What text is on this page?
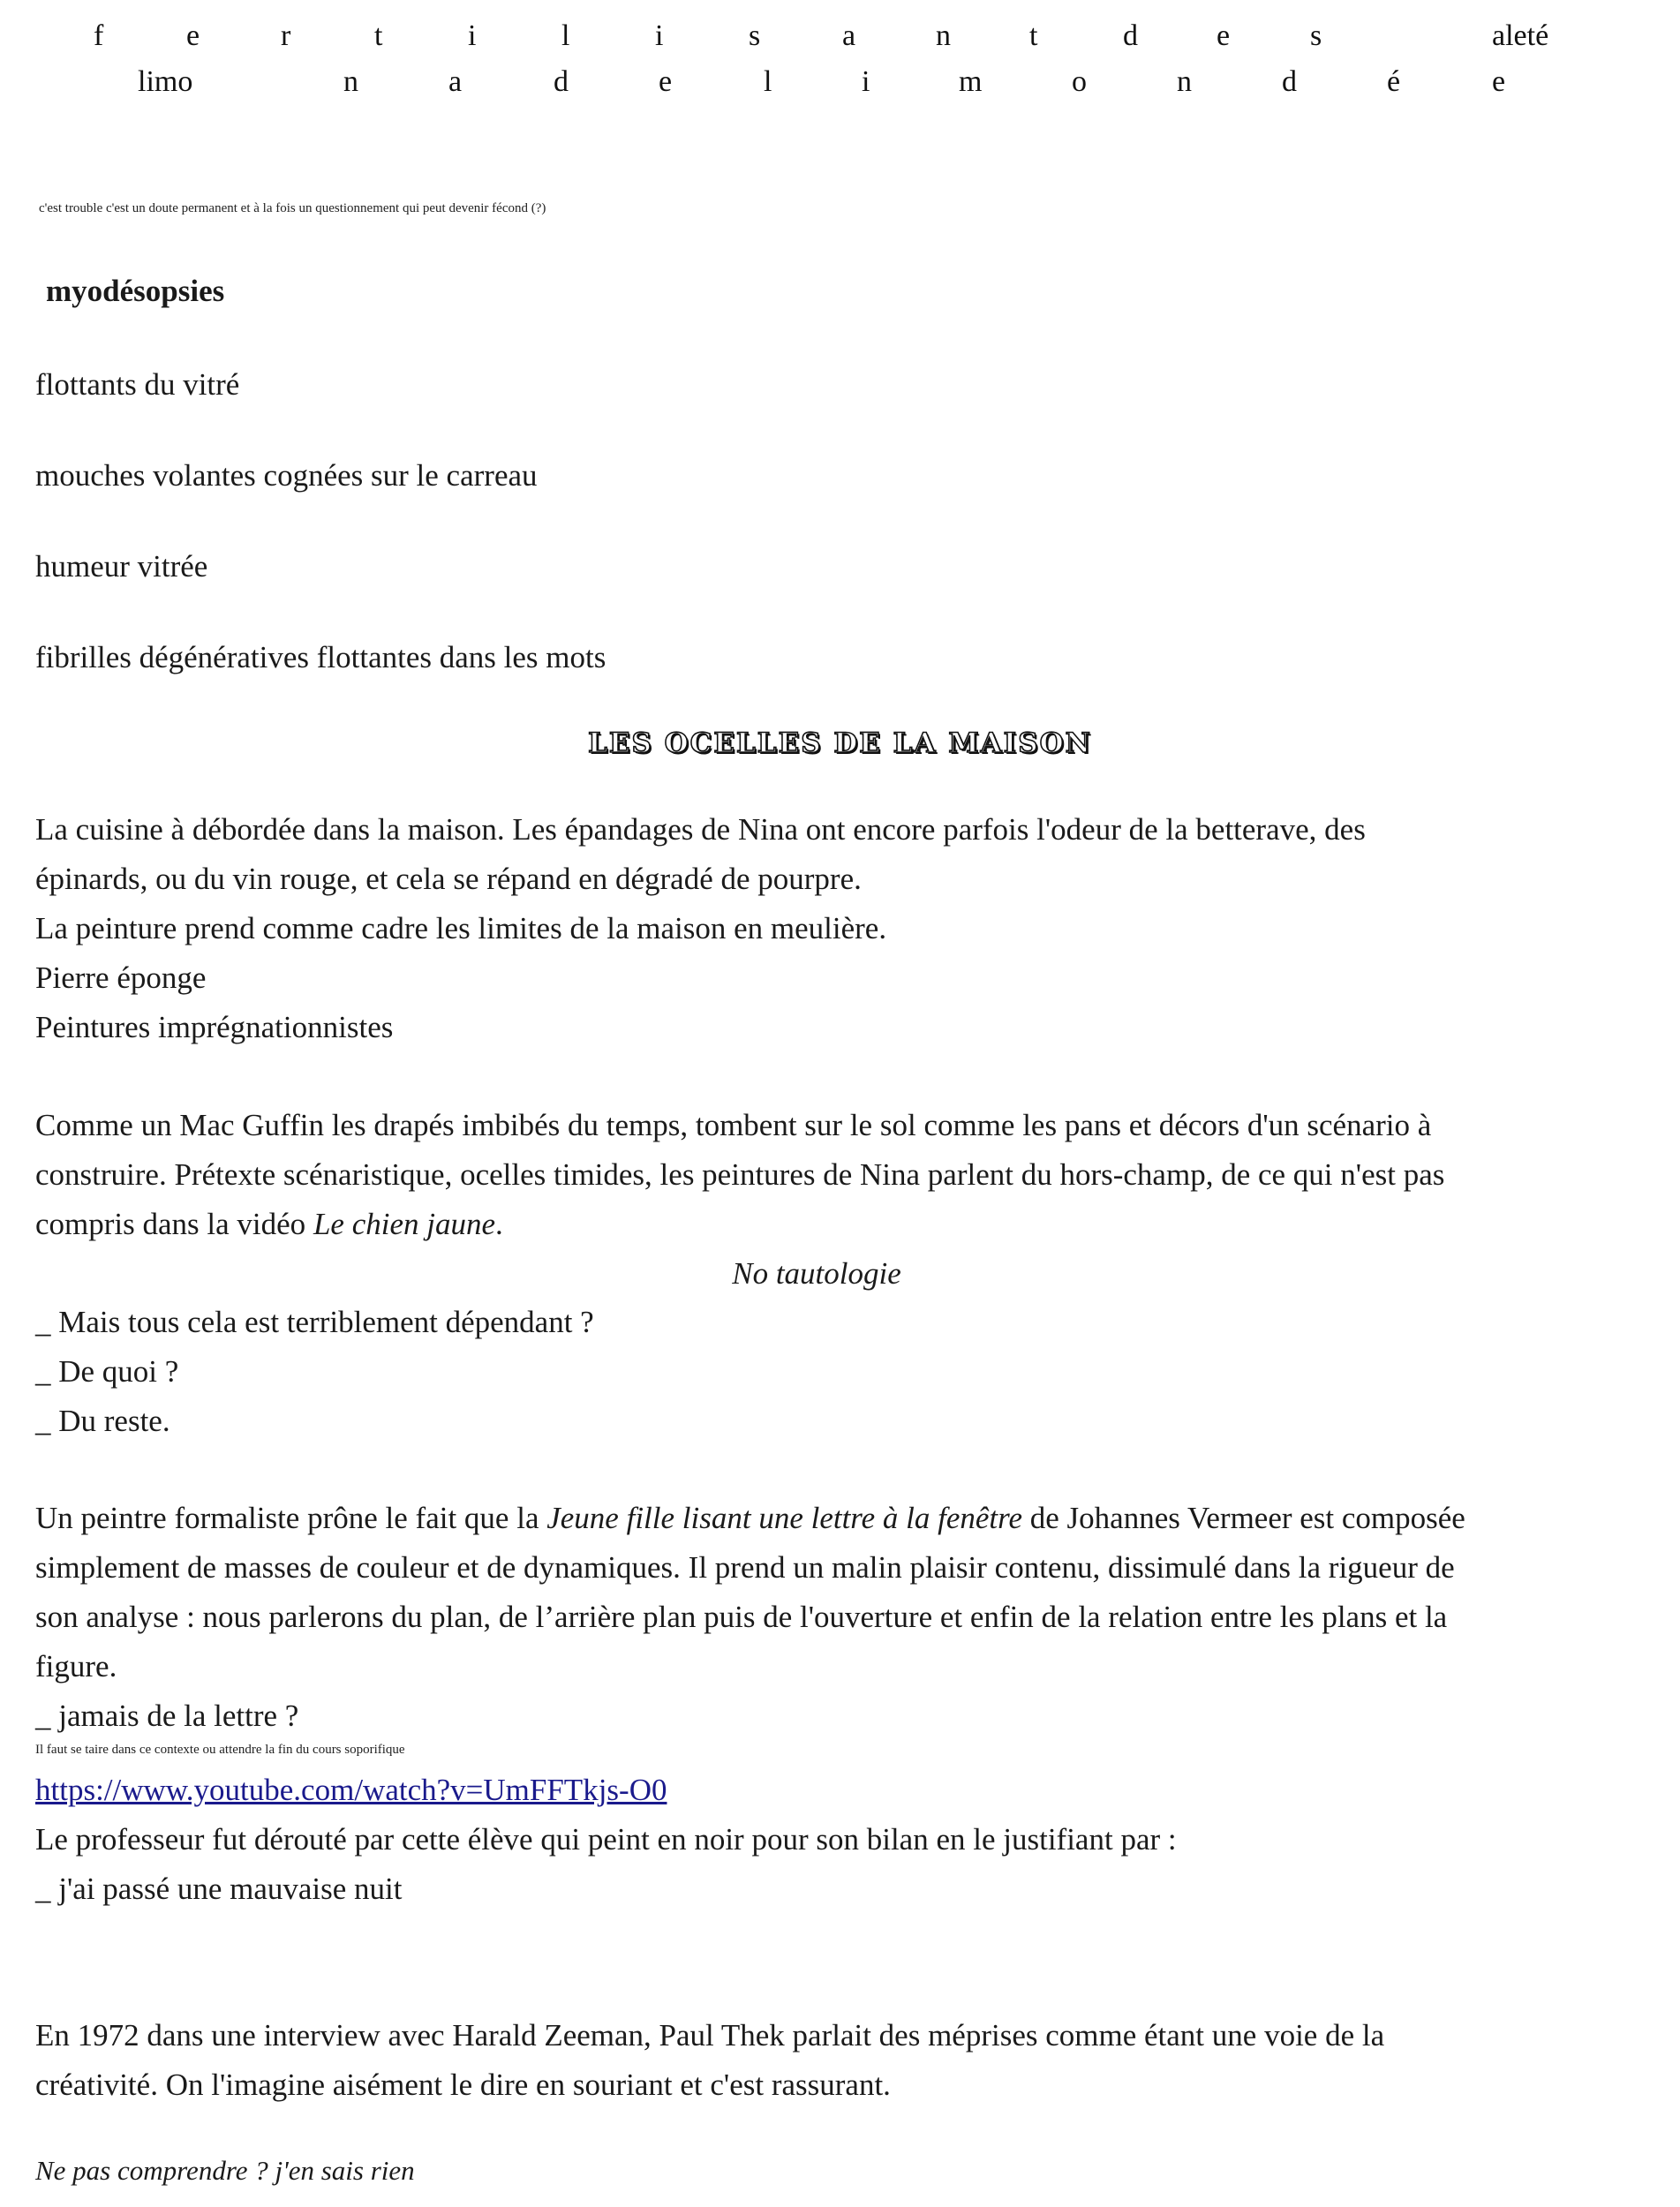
f	e	r	t	i	l	i	s	a	n	t	d	e	s	aleté
limo	n	a	d	e	l	i	m	o	n	d	é	e
c'est trouble c'est un doute permanent et à la fois un questionnement qui peut devenir fécond (?)
myodésopsies
flottants du vitré
mouches volantes cognées sur le carreau
humeur vitrée
fibrilles dégénératives flottantes dans les mots
LES OCELLES DE LA MAISON

La cuisine à débordée dans la maison. Les épandages de Nina ont encore parfois l'odeur de la betterave, des

épinards, ou du vin rouge, et cela se répand en dégradé de pourpre.

La peinture prend comme cadre les limites de la maison en meulière.

Pierre éponge

Peintures imprégnationnistes

Comme un Mac Guffin les drapés imbibés du temps, tombent sur le sol comme les pans et décors d'un scénario à

construire. Prétexte scénaristique, ocelles timides, les peintures de Nina parlent du hors-champ, de ce qui n'est pas

compris dans la vidéo Le chien jaune.

No tautologie

_ Mais tous cela est terriblement dépendant ?

_ De quoi ?

_ Du reste.

Un peintre formaliste prône le fait que la Jeune fille lisant une lettre à la fenêtre de Johannes Vermeer est composée

simplement de masses de couleur et de dynamiques. Il prend un malin plaisir contenu, dissimulé dans la rigueur de

son analyse : nous parlerons du plan, de l’arrière plan puis de l'ouverture et enfin de la relation entre les plans et la

figure.

_ jamais de la lettre ?

Il faut se taire dans ce contexte ou attendre la fin du cours soporifique
https://www.youtube.com/watch?v=UmFFTkjs-O0

Le professeur fut dérouté par cette élève qui peint en noir pour son bilan en le justifiant par :

_ j'ai passé une mauvaise nuit

En 1972 dans une interview avec Harald Zeeman, Paul Thek parlait des méprises comme étant une voie de la

créativité. On l'imagine aisément le dire en souriant et c'est rassurant.

Ne pas comprendre ? j'en sais rien
